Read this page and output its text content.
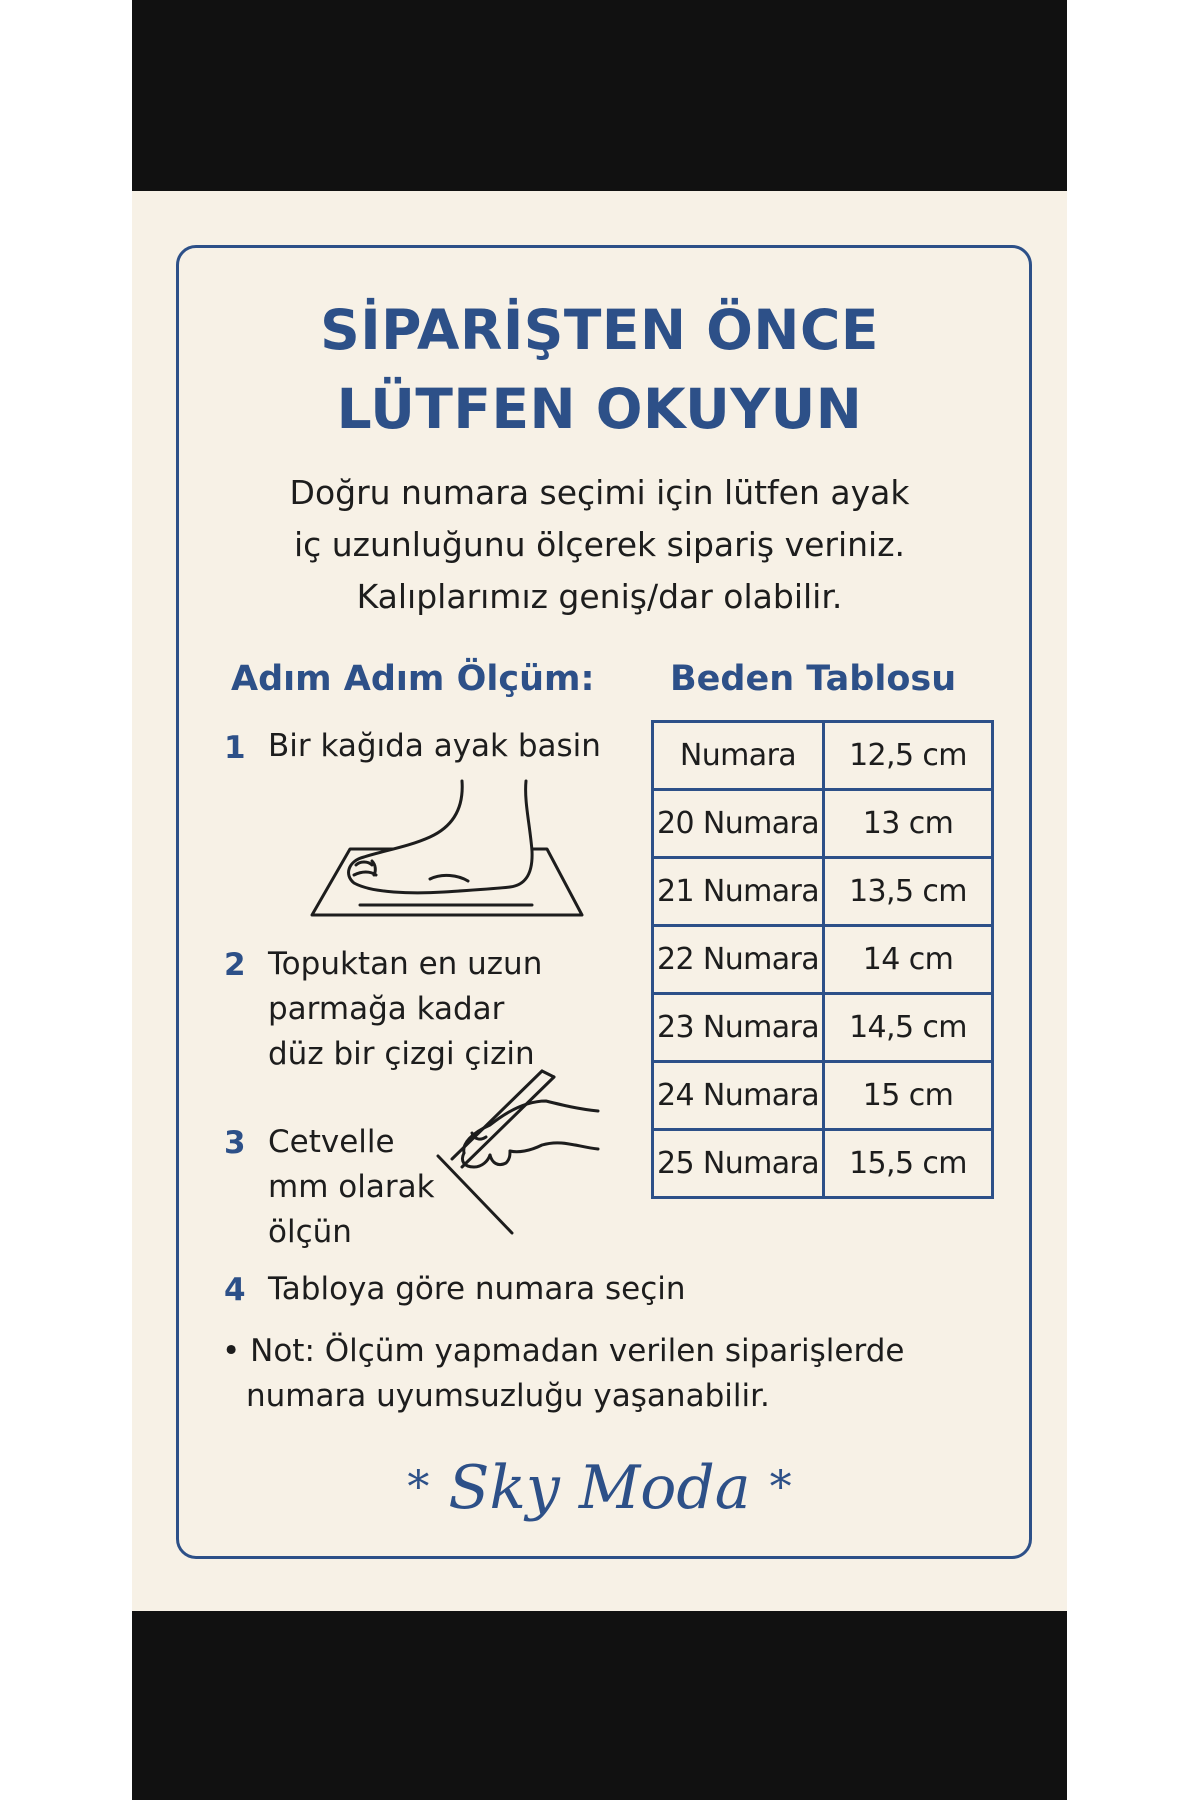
SİPARİŞTEN ÖNCE
LÜTFEN OKUYUN
Doğru numara seçimi için lütfen ayak
iç uzunluğunu ölçerek sipariş veriniz.
Kalıplarımız geniş/dar olabilir.
Adım Adım Ölçüm: Beden Tablosu
1 Bir kağıda ayak basin
2 Topuktan en uzun
parmağa kadar
düz bir çizgi çizin
3 Cetvelle
mm olarak
ölçün
4 Tabloya göre numara seçin
Numara	12,5 cm
20 Numara	13 cm
21 Numara	13,5 cm
22 Numara	14 cm
23 Numara	14,5 cm
24 Numara	15 cm
25 Numara	15,5 cm
• Not: Ölçüm yapmadan verilen siparişlerde
numara uyumsuzluğu yaşanabilir.
* Sky Moda *
